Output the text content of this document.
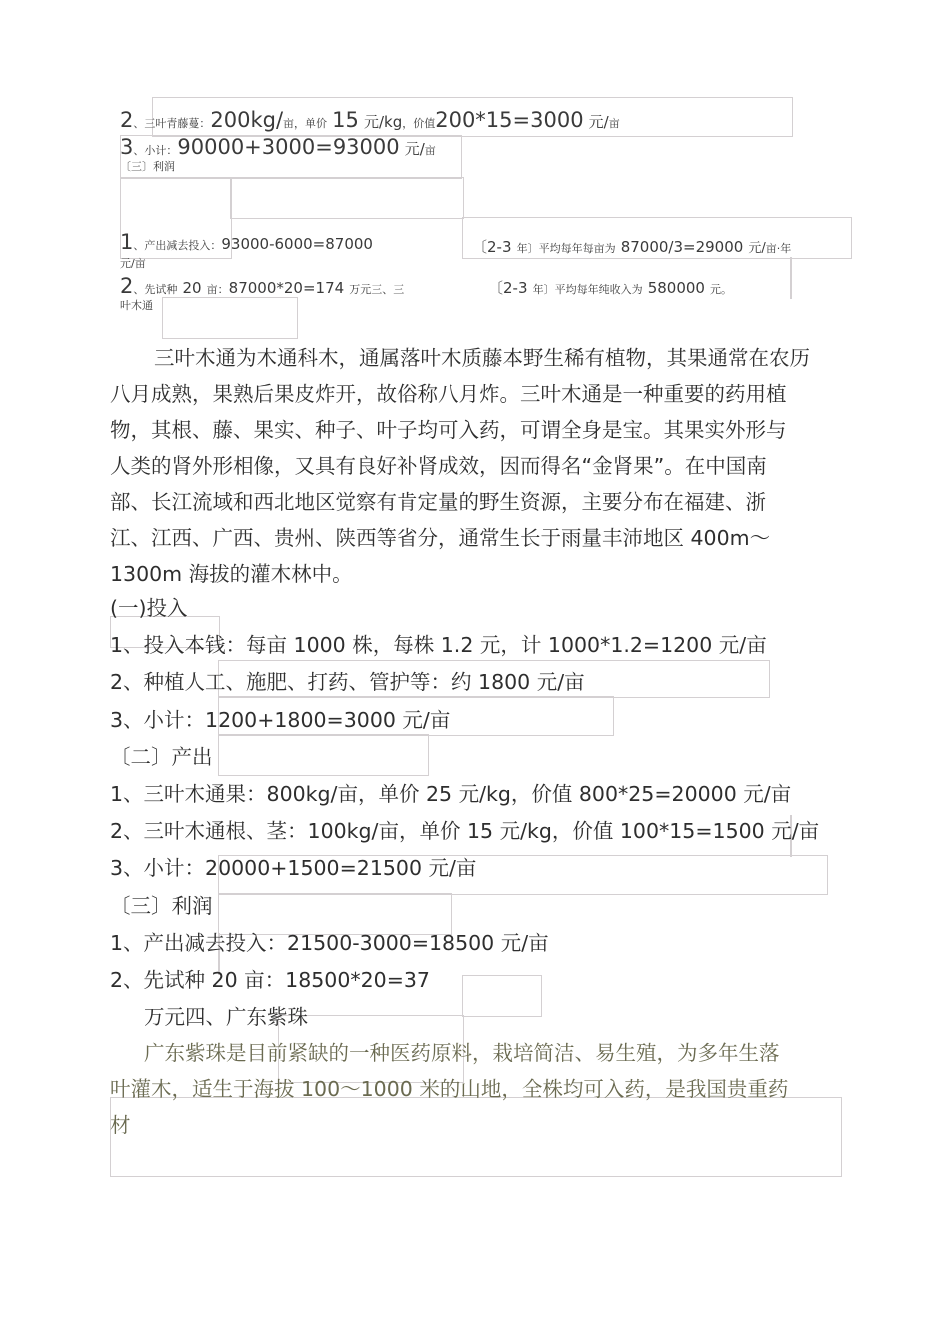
2、三叶青藤蔓：200kg/亩，单价 15 元/kg，价值200*15=3000 元/亩
3、小计：90000+3000=93000 元/亩
〔三〕利润
1、产出减去投入：93000-6000=87000	〔2-3 年〕平均每年每亩为 87000/3=29000 元/亩·年
元/亩
2、先试种 20 亩：87000*20=174 万元三、三	〔2-3 年〕平均每年纯收入为 580000 元。
叶木通
三叶木通为木通科木，通属落叶木质藤本野生稀有植物，其果通常在农历
八月成熟，果熟后果皮炸开，故俗称八月炸。三叶木通是一种重要的药用植
物，其根、藤、果实、种子、叶子均可入药，可谓全身是宝。其果实外形与
人类的肾外形相像，又具有良好补肾成效，因而得名“金肾果”。在中国南
部、长江流域和西北地区觉察有肯定量的野生资源，主要分布在福建、浙
江、江西、广西、贵州、陕西等省分，通常生长于雨量丰沛地区 400m～
1300m 海拔的灌木林中。
(一)投入
1、投入本钱：每亩 1000 株，每株 1.2 元，计 1000*1.2=1200 元/亩
2、种植人工、施肥、打药、管护等：约 1800 元/亩
3、小计：1200+1800=3000 元/亩
〔二〕产出
1、三叶木通果：800kg/亩，单价 25 元/kg，价值 800*25=20000 元/亩
2、三叶木通根、茎：100kg/亩，单价 15 元/kg，价值 100*15=1500 元/亩
3、小计：20000+1500=21500 元/亩
〔三〕利润
1、产出减去投入：21500-3000=18500 元/亩
2、先试种 20 亩：18500*20=37
万元四、广东紫珠
广东紫珠是目前紧缺的一种医药原料，栽培简洁、易生殖，为多年生落
叶灌木，适生于海拔 100～1000 米的山地，全株均可入药，是我国贵重药
材
